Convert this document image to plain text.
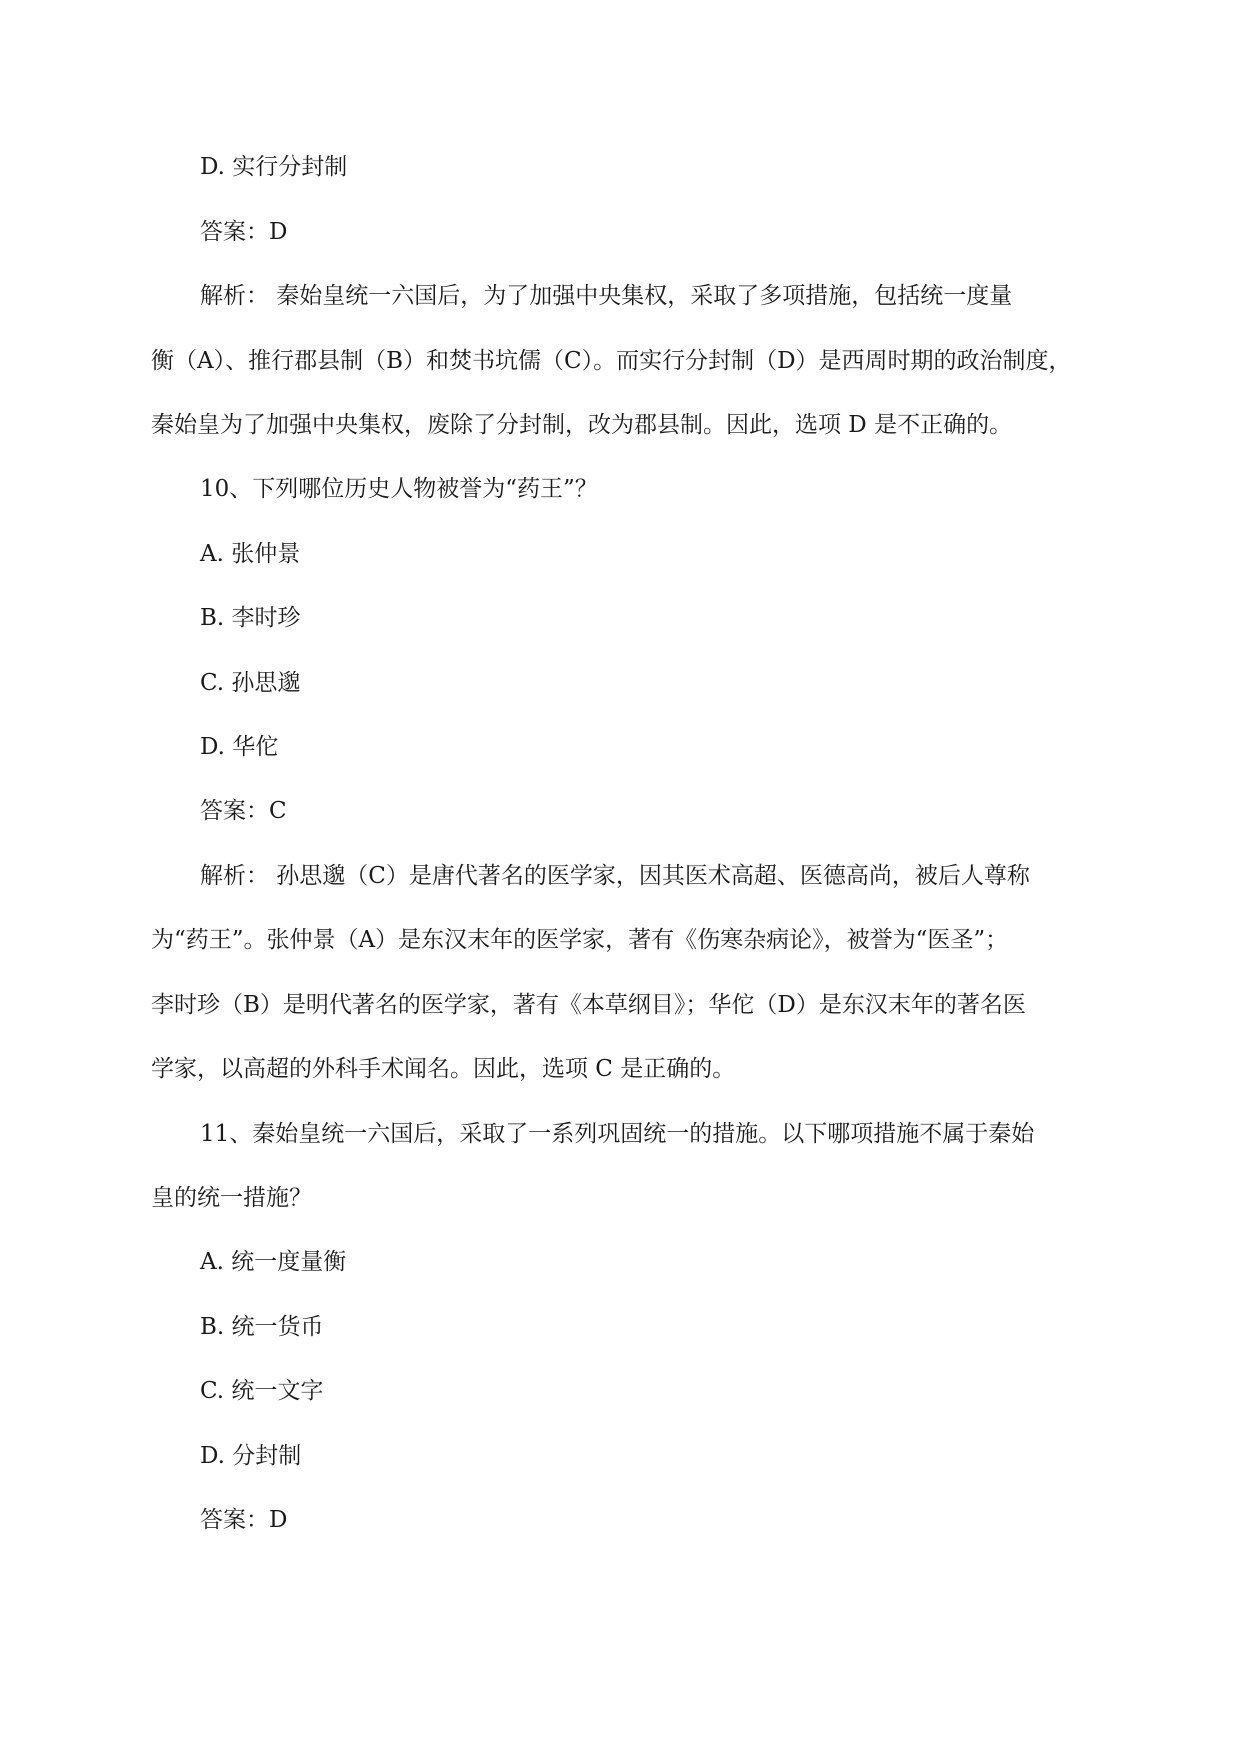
D. 实行分封制
答案：D
解析： 秦始皇统一六国后，为了加强中央集权，采取了多项措施，包括统一度量
衡（A）、推行郡县制（B）和焚书坑儒（C）。而实行分封制（D）是西周时期的政治制度，
秦始皇为了加强中央集权，废除了分封制，改为郡县制。因此，选项 D 是不正确的。
10、下列哪位历史人物被誉为“药王”？
A. 张仲景
B. 李时珍
C. 孙思邈
D. 华佗
答案：C
解析： 孙思邈（C）是唐代著名的医学家，因其医术高超、医德高尚，被后人尊称
为“药王”。张仲景（A）是东汉末年的医学家，著有《伤寒杂病论》，被誉为“医圣”；
李时珍（B）是明代著名的医学家，著有《本草纲目》；华佗（D）是东汉末年的著名医
学家，以高超的外科手术闻名。因此，选项 C 是正确的。
11、秦始皇统一六国后，采取了一系列巩固统一的措施。以下哪项措施不属于秦始
皇的统一措施？
A. 统一度量衡
B. 统一货币
C. 统一文字
D. 分封制
答案：D
